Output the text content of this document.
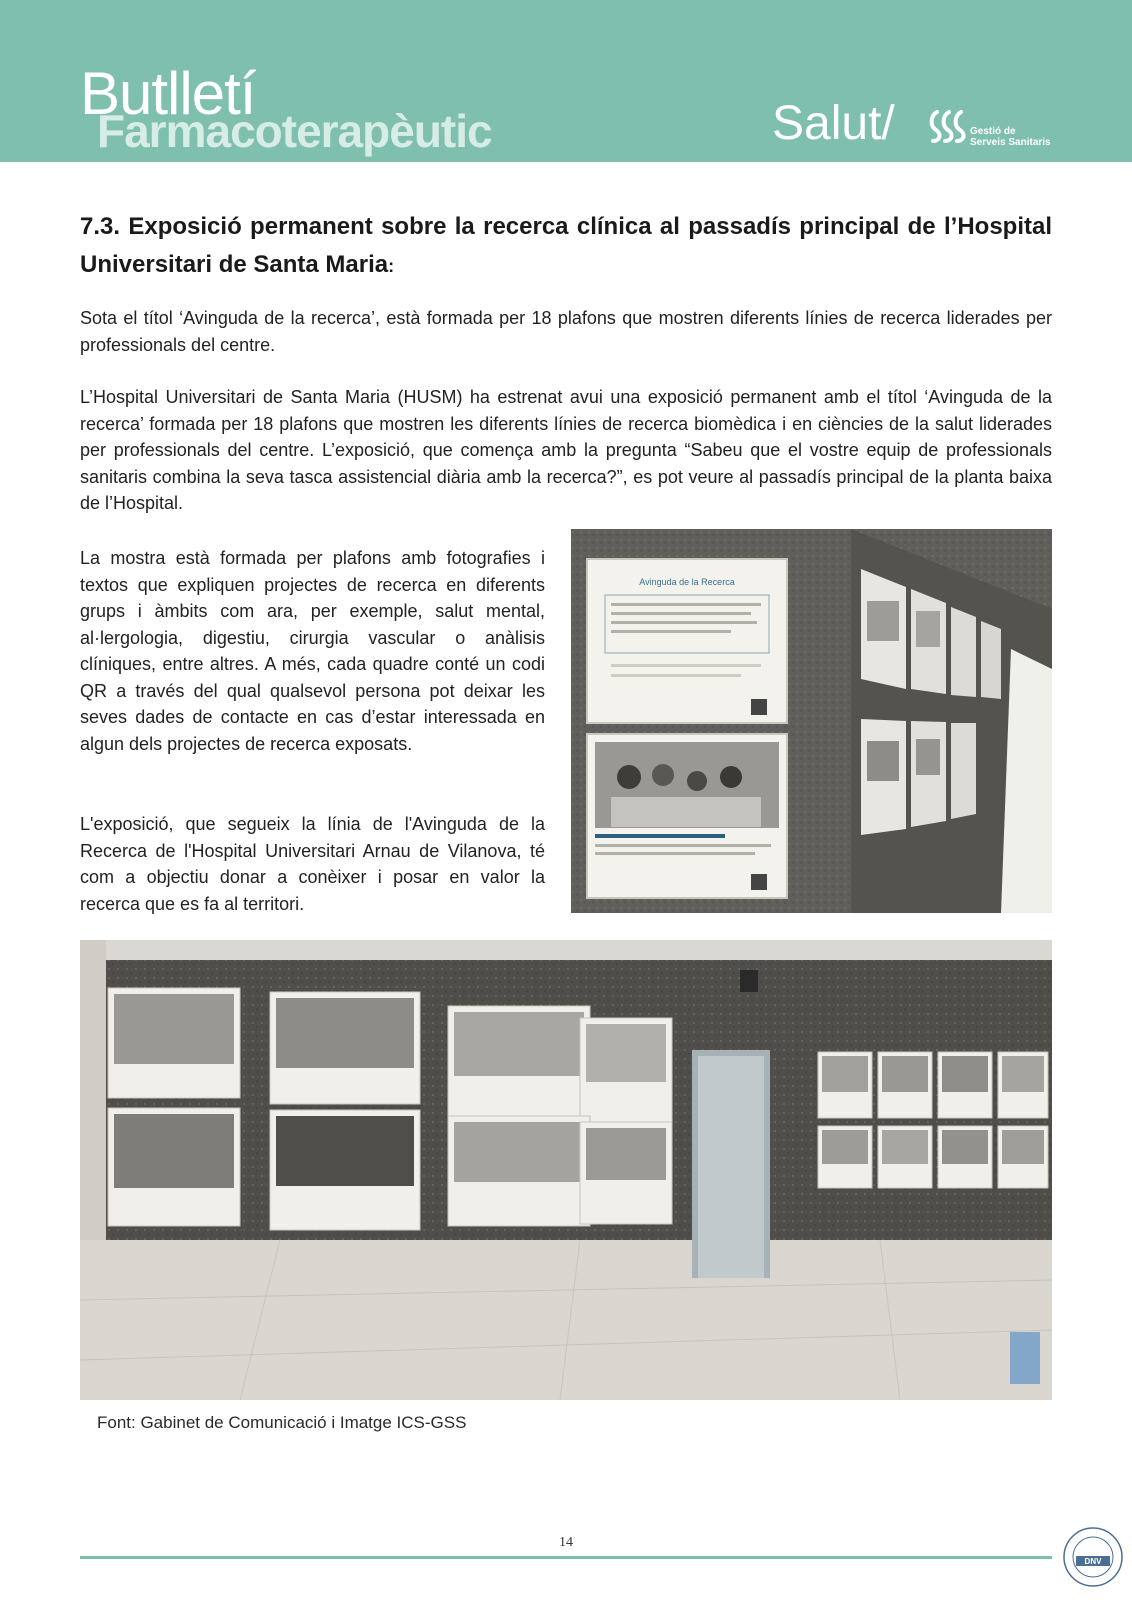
Butlletí
Farmacoterapèutic	Salut/	Gestió de
Serveis Sanitaris
7.3. Exposició permanent sobre la recerca clínica al passadís principal de l’Hospital Universitari de Santa Maria:

Sota el títol ‘Avinguda de la recerca’, està formada per 18 plafons que mostren diferents línies de recerca liderades per professionals del centre.

L’Hospital Universitari de Santa Maria (HUSM) ha estrenat avui una exposició permanent amb el títol ‘Avinguda de la recerca’ formada per 18 plafons que mostren les diferents línies de recerca biomèdica i en ciències de la salut liderades per professionals del centre. L’exposició, que comença amb la pregunta “Sabeu que el vostre equip de professionals sanitaris combina la seva tasca assistencial diària amb la recerca?”, es pot veure al passadís principal de la planta baixa de l’Hospital.

La mostra està formada per plafons amb fotografies i textos que expliquen projectes de recerca en diferents grups i àmbits com ara, per exemple, salut mental, al·lergologia, digestiu, cirurgia vascular o anàlisis clíniques, entre altres. A més, cada quadre conté un codi QR a través del qual qualsevol persona pot deixar les seves dades de contacte en cas d’estar interessada en algun dels projectes de recerca exposats.

L'exposició, que segueix la línia de l'Avinguda de la Recerca de l'Hospital Universitari Arnau de Vilanova, té com a objectiu donar a conèixer i posar en valor la recerca que es fa al territori.

Avinguda de la Recerca
Font: Gabinet de Comunicació i Imatge ICS-GSS
14
DNV
